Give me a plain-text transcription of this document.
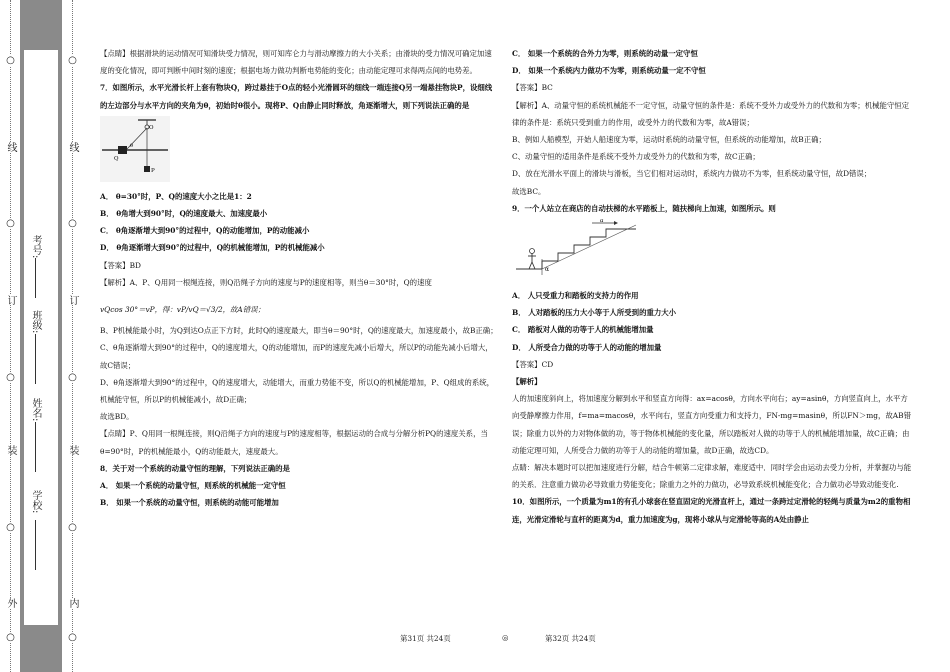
○
外
○
装
○
订
○
线
○
学校:
姓名:
班级:
考号:
○
内
○
装
○
订
○
线
○

【点睛】根据滑块的运动情况可知滑块受力情况，则可知库仑力与滑动摩擦力的大小关系；由滑块的受力情况可确定加速度的变化情况，即可判断中间时刻的速度；根据电场力做功判断电势能的变化；由动能定理可求得两点间的电势差。

7．如图所示，水平光滑长杆上套有物块Q，跨过悬挂于O点的轻小光滑圆环的细线一端连接Q另一端悬挂物块P，设细线的左边部分与水平方向的夹角为θ，初始时θ很小。现将P、Q由静止同时释放，角逐渐增大，则下列说法正确的是

O
Q
θ
P

A． θ=30°时，P、Q的速度大小之比是1：2

B． θ角增大到90°时，Q的速度最大、加速度最小

C． θ角逐渐增大到90°的过程中，Q的动能增加，P的动能减小

D． θ角逐渐增大到90°的过程中，Q的机械能增加，P的机械能减小

【答案】BD

【解析】A、P、Q用同一根绳连接，则Q沿绳子方向的速度与P的速度相等，则当θ＝30°时，Q的速度

vQcos 30°＝vP，得：vP/vQ＝√3/2，故A错误；

B、P机械能最小时，为Q到达O点正下方时，此时Q的速度最大，即当θ＝90°时，Q的速度最大，加速度最小，故B正确；

C、θ角逐渐增大到90°的过程中，Q的速度增大，Q的动能增加，而P的速度先减小后增大，所以P的动能先减小后增大，故C错误；

D、θ角逐渐增大到90°的过程中，Q的速度增大，动能增大，而重力势能不变，所以Q的机械能增加，P、Q组成的系统，机械能守恒，所以P的机械能减小，故D正确；

故选BD。

【点睛】P、Q用同一根绳连接，则Q沿绳子方向的速度与P的速度相等，根据运动的合成与分解分析PQ的速度关系，当θ=90°时，P的机械能最小，Q的动能最大，速度最大。

8．关于对一个系统的动量守恒的理解，下列说法正确的是

A． 如果一个系统的动量守恒，则系统的机械能一定守恒

B． 如果一个系统的动量守恒，则系统的动能可能增加

C． 如果一个系统的合外力为零，则系统的动量一定守恒

D． 如果一个系统内力做功不为零，则系统动量一定不守恒

【答案】BC

【解析】A、动量守恒的系统机械能不一定守恒，动量守恒的条件是：系统不受外力或受外力的代数和为零；机械能守恒定律的条件是：系统只受到重力的作用，或受外力的代数和为零，故A错误；

B、例如人船模型，开始人船速度为零，运动时系统的动量守恒，但系统的动能增加，故B正确；

C、动量守恒的适用条件是系统不受外力或受外力的代数和为零，故C正确；

D、放在光滑水平面上的滑块与滑板，当它们相对运动时，系统内力做功不为零，但系统动量守恒，故D错误；

故选BC。

9．一个人站立在商店的自动扶梯的水平踏板上，随扶梯向上加速，如图所示。则

a
α

A． 人只受重力和踏板的支持力的作用

B． 人对踏板的压力大小等于人所受到的重力大小

C． 踏板对人做的功等于人的机械能增加量

D． 人所受合力做的功等于人的动能的增加量

【答案】CD

【解析】

人的加速度斜向上，将加速度分解到水平和竖直方向得：ax=acosθ，方向水平向右；ay=asinθ，方向竖直向上，水平方向受静摩擦力作用，f=ma=macosθ，水平向右，竖直方向受重力和支持力，FN-mg=masinθ，所以FN＞mg，故AB错误；除重力以外的力对物体做的功，等于物体机械能的变化量，所以踏板对人做的功等于人的机械能增加量，故C正确；由动能定理可知，人所受合力做的功等于人的动能的增加量，故D正确，故选CD。

点睛：解决本题时可以把加速度进行分解，结合牛顿第二定律求解，难度适中．同时学会由运动去受力分析，并掌握功与能的关系．注意重力做功必导致重力势能变化；除重力之外的力做功，必导致系统机械能变化；合力做功必导致动能变化.

10．如图所示，一个质量为m1的有孔小球套在竖直固定的光滑直杆上，通过一条跨过定滑轮的轻绳与质量为m2的重物相连，光滑定滑轮与直杆的距离为d，重力加速度为g，现将小球从与定滑轮等高的A处由静止

第31页 共24页	◎	第32页 共24页
